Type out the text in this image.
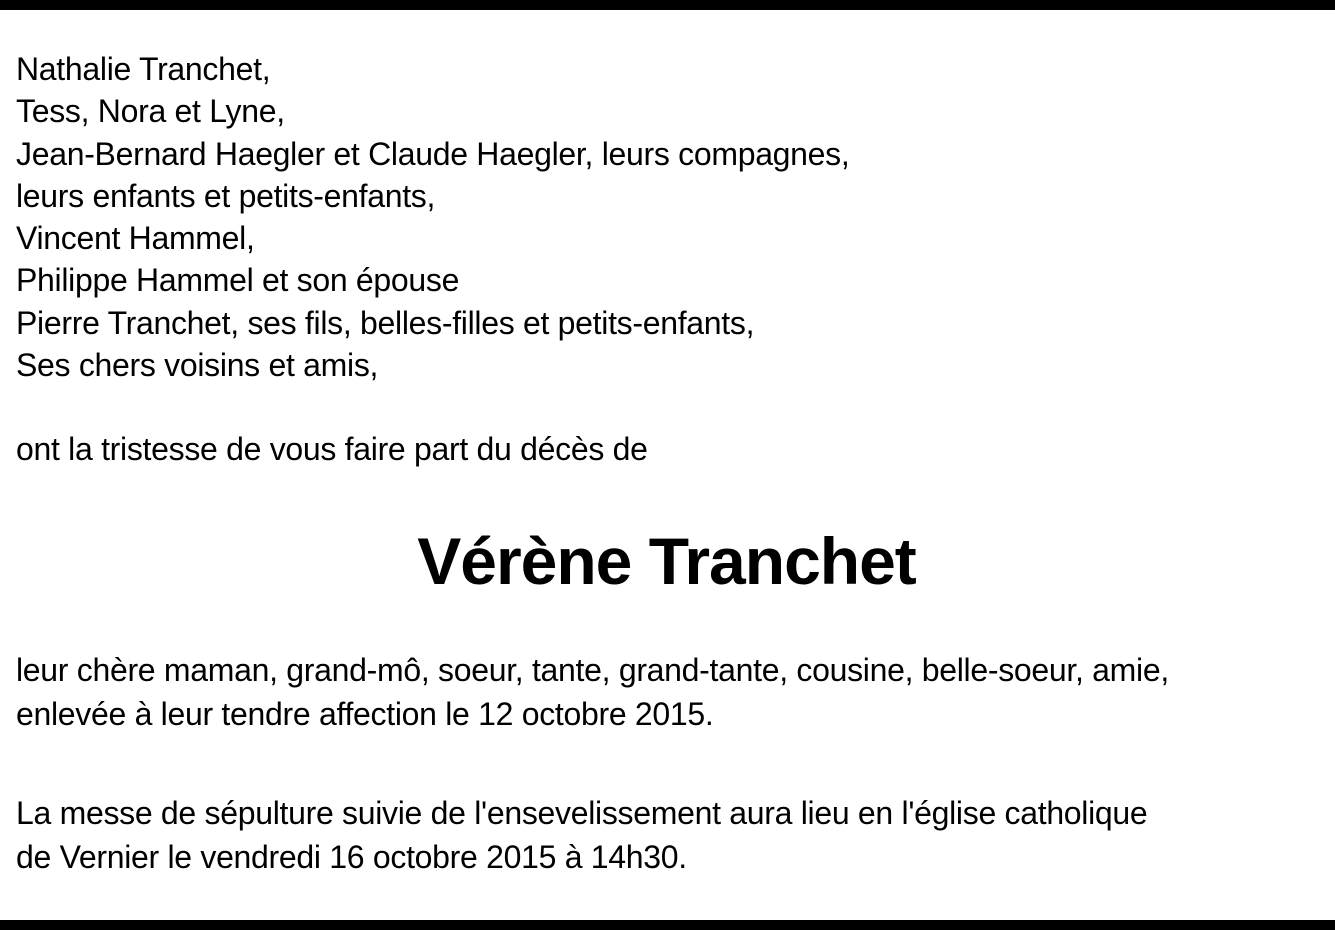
Nathalie Tranchet,
Tess, Nora et Lyne,
Jean-Bernard Haegler et Claude Haegler, leurs compagnes,
leurs enfants et petits-enfants,
Vincent Hammel,
Philippe Hammel et son épouse
Pierre Tranchet, ses fils, belles-filles et petits-enfants,
Ses chers voisins et amis,

ont la tristesse de vous faire part du décès de

Vérène Tranchet

leur chère maman, grand-mô, soeur, tante, grand-tante, cousine, belle-soeur, amie,
enlevée à leur tendre affection le 12 octobre 2015.

La messe de sépulture suivie de l'ensevelissement aura lieu en l'église catholique
de Vernier le vendredi 16 octobre 2015 à 14h30.
